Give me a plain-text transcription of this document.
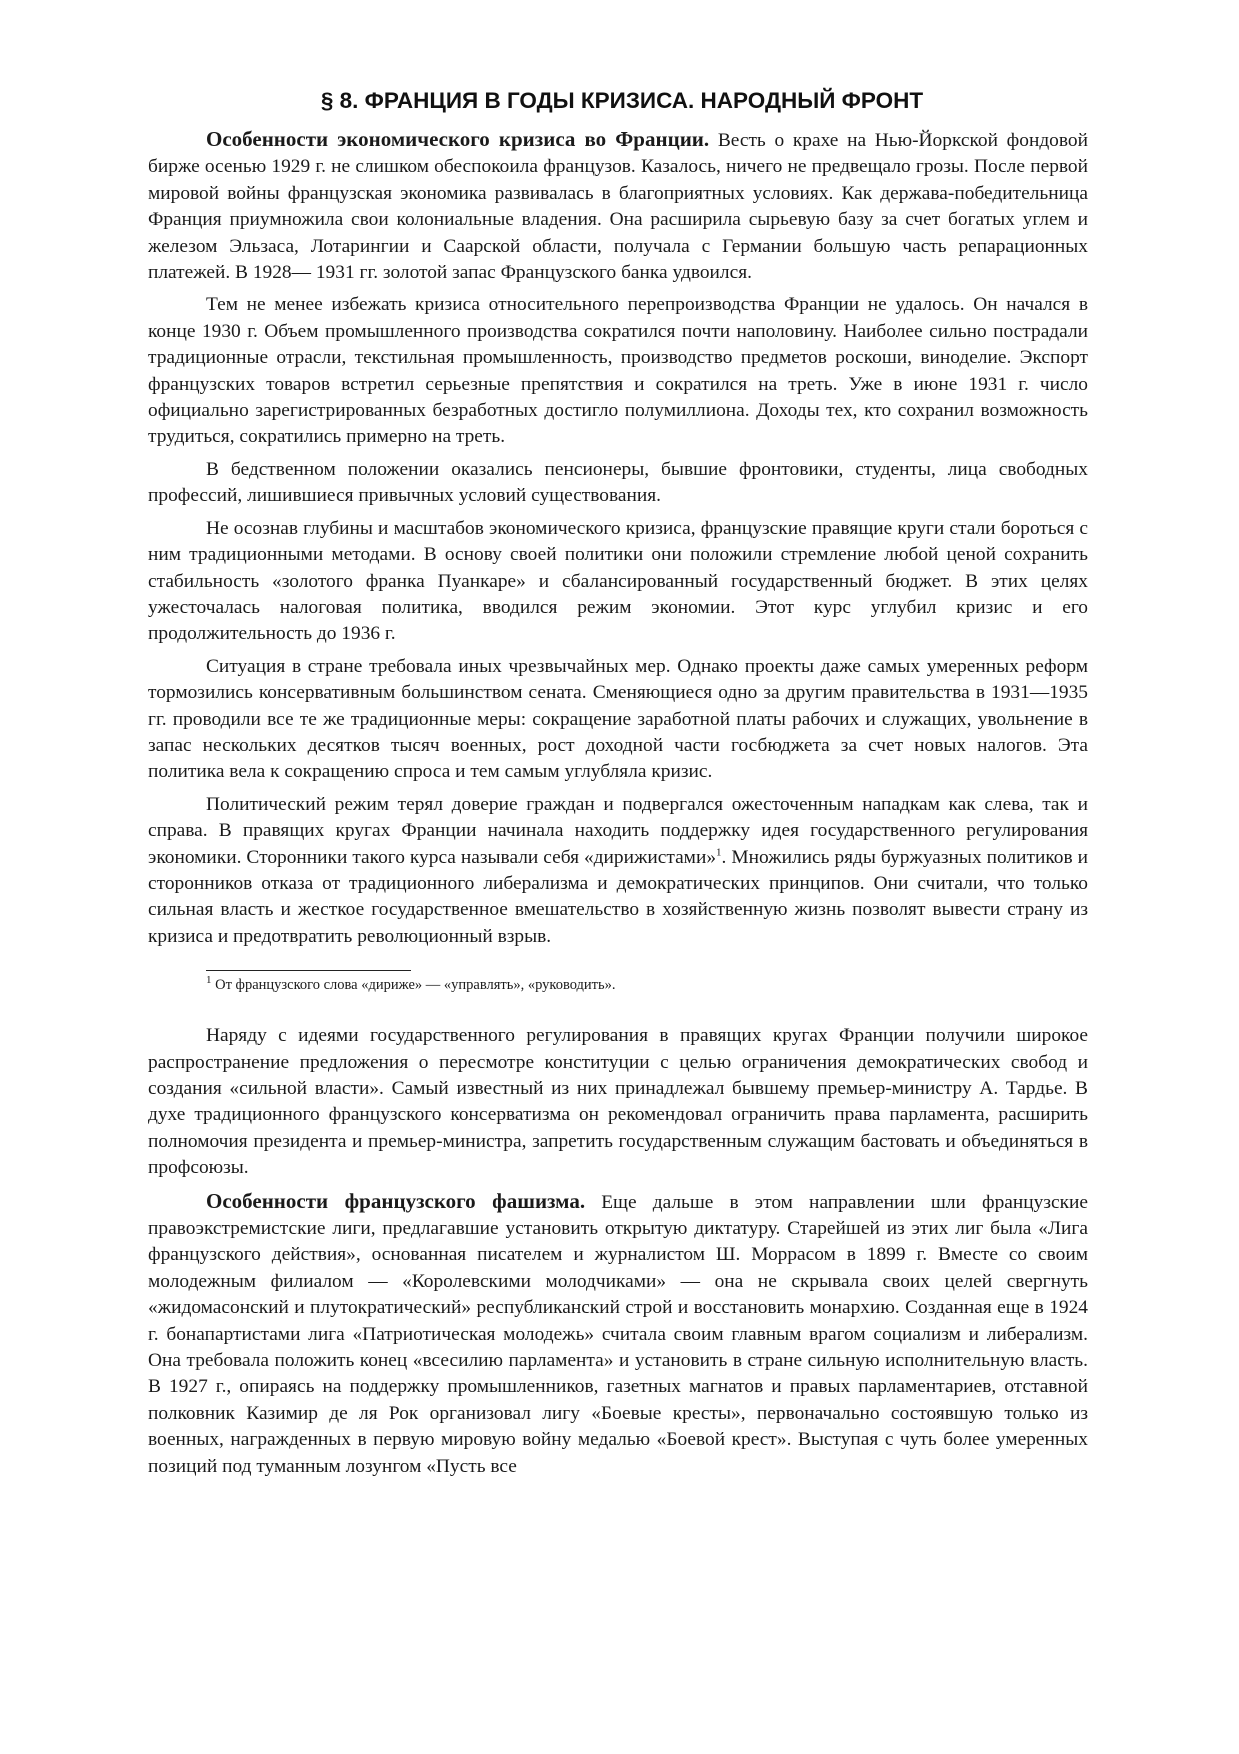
§ 8. ФРАНЦИЯ В ГОДЫ КРИЗИСА. НАРОДНЫЙ ФРОНТ

Особенности экономического кризиса во Франции. Весть о крахе на Нью-Йоркской фондовой бирже осенью 1929 г. не слишком обеспокоила французов. Казалось, ничего не предвещало грозы. После первой мировой войны французская экономика развивалась в благоприятных условиях. Как держава-победительница Франция приумножила свои колониальные владения. Она расширила сырьевую базу за счет богатых углем и железом Эльзаса, Лотарингии и Саарской области, получала с Германии большую часть репарационных платежей. В 1928— 1931 гг. золотой запас Французского банка удвоился.

Тем не менее избежать кризиса относительного перепроизводства Франции не удалось. Он начался в конце 1930 г. Объем промышленного производства сократился почти наполовину. Наиболее сильно пострадали традиционные отрасли, текстильная промышленность, производство предметов роскоши, виноделие. Экспорт французских товаров встретил серьезные препятствия и сократился на треть. Уже в июне 1931 г. число официально зарегистрированных безработных достигло полумиллиона. Доходы тех, кто сохранил возможность трудиться, сократились примерно на треть.

В бедственном положении оказались пенсионеры, бывшие фронтовики, студенты, лица свободных профессий, лишившиеся привычных условий существования.

Не осознав глубины и масштабов экономического кризиса, французские правящие круги стали бороться с ним традиционными методами. В основу своей политики они положили стремление любой ценой сохранить стабильность «золотого франка Пуанкаре» и сбалансированный государственный бюджет. В этих целях ужесточалась налоговая политика, вводился режим экономии. Этот курс углубил кризис и его продолжительность до 1936 г.

Ситуация в стране требовала иных чрезвычайных мер. Однако проекты даже самых умеренных реформ тормозились консервативным большинством сената. Сменяющиеся одно за другим правительства в 1931—1935 гг. проводили все те же традиционные меры: сокращение заработной платы рабочих и служащих, увольнение в запас нескольких десятков тысяч военных, рост доходной части госбюджета за счет новых налогов. Эта политика вела к сокращению спроса и тем самым углубляла кризис.

Политический режим терял доверие граждан и подвергался ожесточенным нападкам как слева, так и справа. В правящих кругах Франции начинала находить поддержку идея государственного регулирования экономики. Сторонники такого курса называли себя «дирижистами»$^1$. Множились ряды буржуазных политиков и сторонников отказа от традиционного либерализма и демократических принципов. Они считали, что только сильная власть и жесткое государственное вмешательство в хозяйственную жизнь позволят вывести страну из кризиса и предотвратить революционный взрыв.

$^1$ От французского слова «дириже» — «управлять», «руководить».

Наряду с идеями государственного регулирования в правящих кругах Франции получили широкое распространение предложения о пересмотре конституции с целью ограничения демократических свобод и создания «сильной власти». Самый известный из них принадлежал бывшему премьер-министру А. Тардье. В духе традиционного французского консерватизма он рекомендовал ограничить права парламента, расширить полномочия президента и премьер-министра, запретить государственным служащим бастовать и объединяться в профсоюзы.

Особенности французского фашизма. Еще дальше в этом направлении шли французские правоэкстремистские лиги, предлагавшие установить открытую диктатуру. Старейшей из этих лиг была «Лига французского действия», основанная писателем и журналистом Ш. Моррасом в 1899 г. Вместе со своим молодежным филиалом — «Королевскими молодчиками» — она не скрывала своих целей свергнуть «жидомасонский и плутократический» республиканский строй и восстановить монархию. Созданная еще в 1924 г. бонапартистами лига «Патриотическая молодежь» считала своим главным врагом социализм и либерализм. Она требовала положить конец «всесилию парламента» и установить в стране сильную исполнительную власть. В 1927 г., опираясь на поддержку промышленников, газетных магнатов и правых парламентариев, отставной полковник Казимир де ля Рок организовал лигу «Боевые кресты», первоначально состоявшую только из военных, награжденных в первую мировую войну медалью «Боевой крест». Выступая с чуть более умеренных позиций под туманным лозунгом «Пусть все
